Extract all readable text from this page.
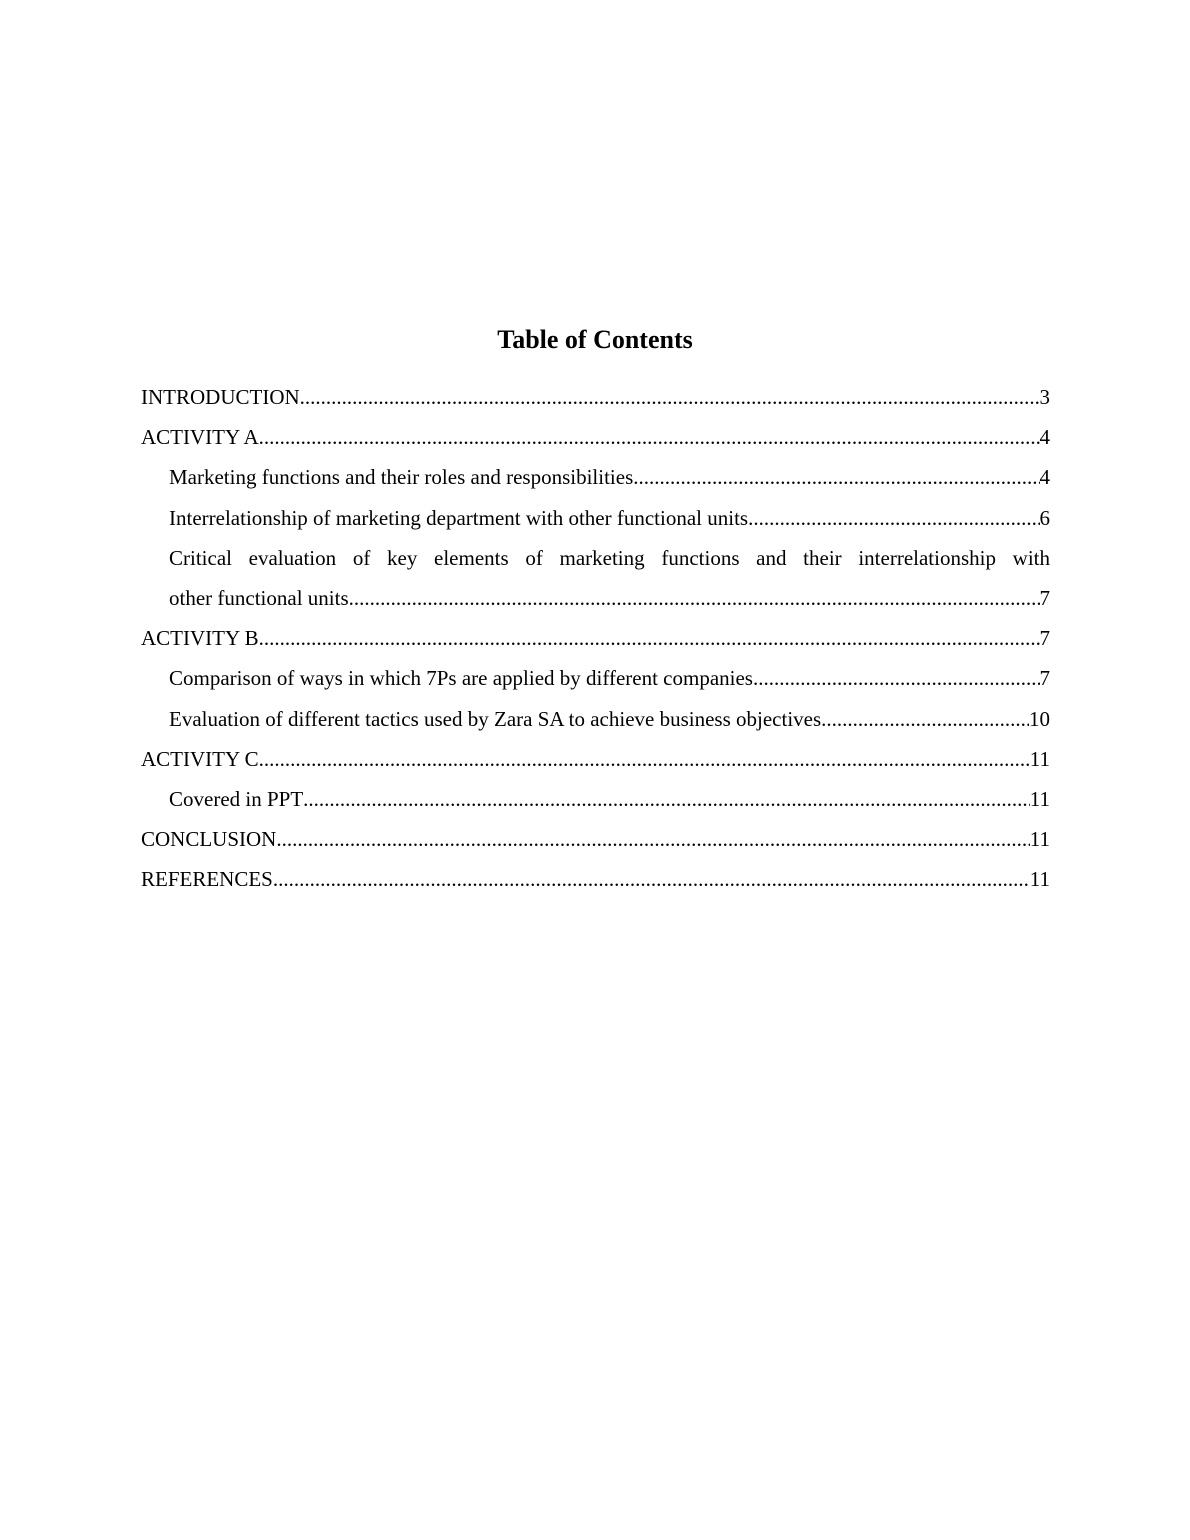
Table of Contents
INTRODUCTION .....	3
ACTIVITY A .....	4
Marketing functions and their roles and responsibilities .....	4
Interrelationship of marketing department with other functional units .....	6
Critical evaluation of key elements of marketing functions and their interrelationship with
other functional units .....	7
ACTIVITY B .....	7
Comparison of ways in which 7Ps are applied by different companies .....	7
Evaluation of different tactics used by Zara SA to achieve business objectives .....	10
ACTIVITY C .....	11
Covered in PPT .....	11
CONCLUSION .....	11
REFERENCES .....	11
